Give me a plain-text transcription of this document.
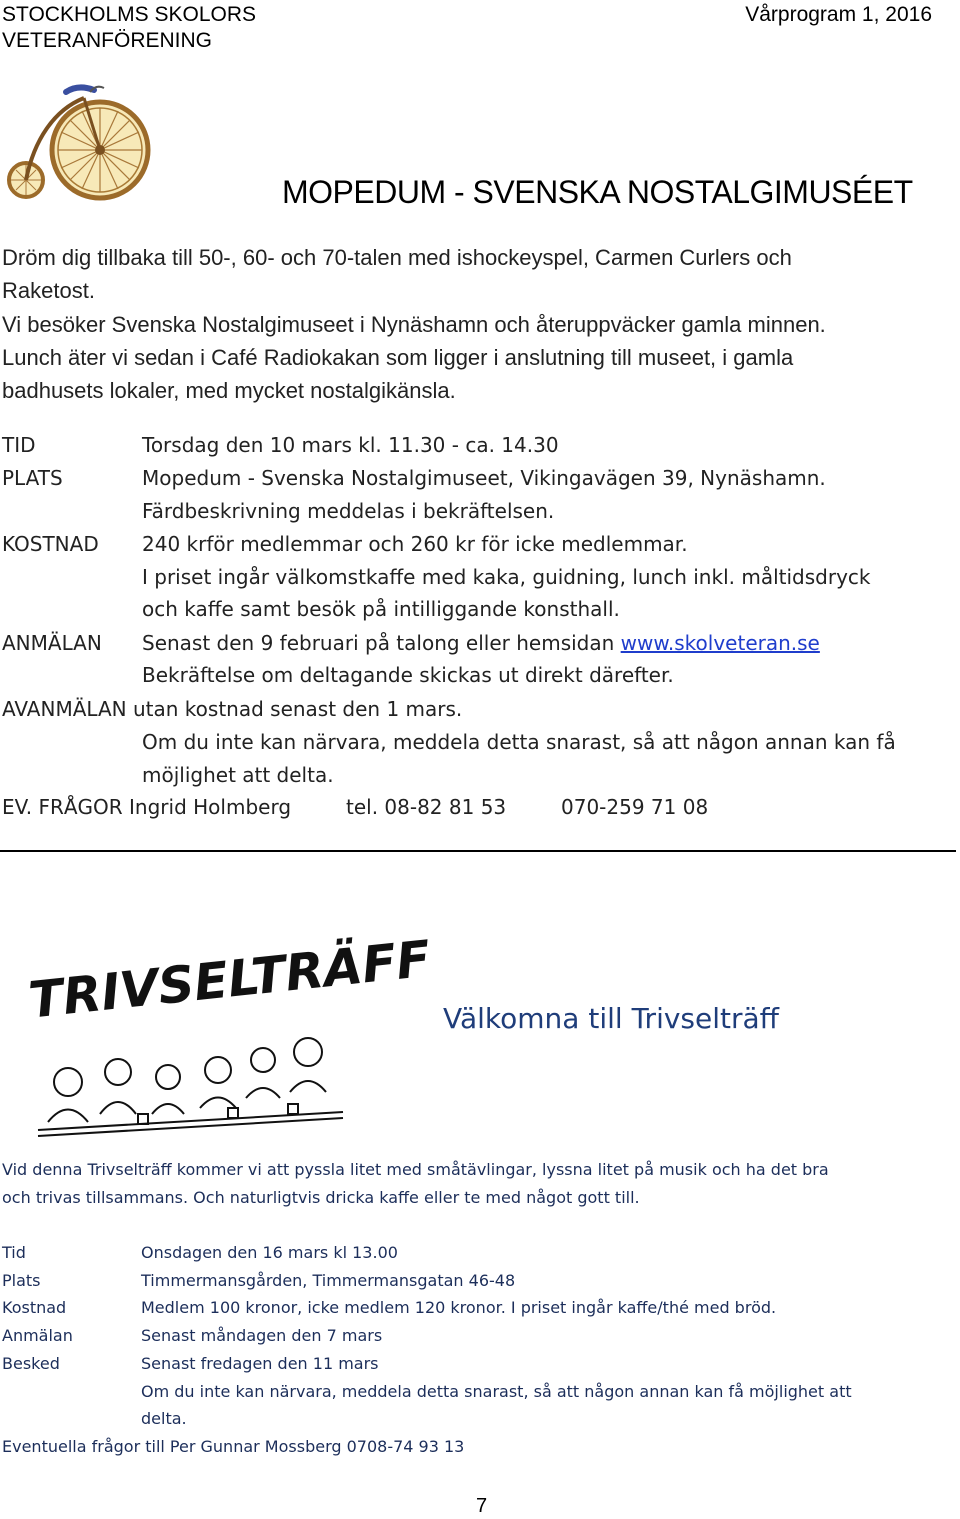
STOCKHOLMS SKOLORS
VETERANFÖRENING
Vårprogram 1, 2016
MOPEDUM - SVENSKA NOSTALGIMUSÉET
Dröm dig tillbaka till 50-, 60- och 70-talen med ishockeyspel, Carmen Curlers och
Raketost.
Vi besöker Svenska Nostalgimuseet i Nynäshamn och återuppväcker gamla minnen.
Lunch äter vi sedan i Café Radiokakan som ligger i anslutning till museet, i gamla
badhusets lokaler, med mycket nostalgikänsla.
TID	Torsdag den 10 mars kl. 11.30 - ca. 14.30
PLATS	Mopedum - Svenska Nostalgimuseet, Vikingavägen 39, Nynäshamn.
Färdbeskrivning meddelas i bekräftelsen.
KOSTNAD 240 krför medlemmar och 260 kr för icke medlemmar.
I priset ingår välkomstkaffe med kaka, guidning, lunch inkl. måltidsdryck
och kaffe samt besök på intilliggande konsthall.
ANMÄLAN Senast den 9 februari på talong eller hemsidan www.skolveteran.se
Bekräftelse om deltagande skickas ut direkt därefter.
AVANMÄLAN utan kostnad senast den 1 mars.
Om du inte kan närvara, meddela detta snarast, så att någon annan kan få
möjlighet att delta.
EV. FRÅGOR Ingrid Holmberg	tel. 08-82 81 53	070-259 71 08
TRIVSELTRÄFF Välkomna till Trivselträff
Vid denna Trivselträff kommer vi att pyssla litet med småtävlingar, lyssna litet på musik och ha det bra
och trivas tillsammans. Och naturligtvis dricka kaffe eller te med något gott till.
Tid	Onsdagen den 16 mars kl 13.00
Plats	Timmermansgården, Timmermansgatan 46-48
Kostnad	Medlem 100 kronor, icke medlem 120 kronor. I priset ingår kaffe/thé med bröd.
Anmälan	Senast måndagen den 7 mars
Besked	Senast fredagen den 11 mars
Om du inte kan närvara, meddela detta snarast, så att någon annan kan få möjlighet att
delta.
Eventuella frågor till Per Gunnar Mossberg 0708-74 93 13
7
